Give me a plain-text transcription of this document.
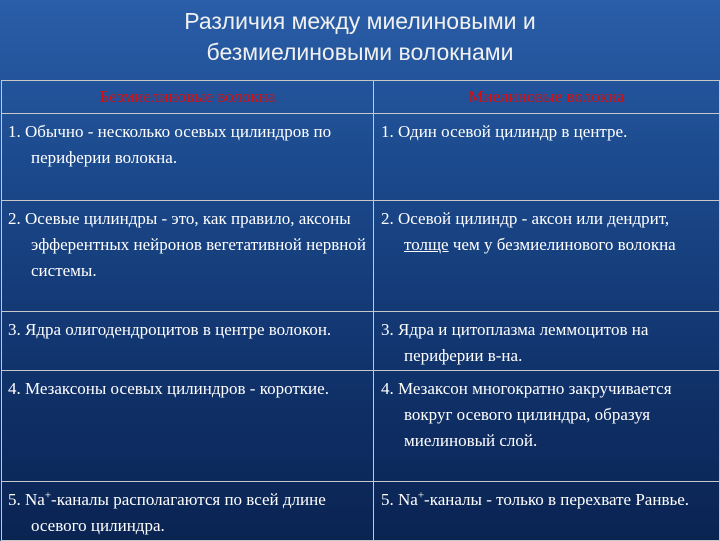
Различия между миелиновыми и
безмиелиновыми волокнами
Безмиелиновые волокна	Миелиновые волокна

1. Обычно - несколько осевых цилиндров по периферии волокна.	1. Один осевой цилиндр в центре.

2. Осевые цилиндры - это, как правило, аксоны эфферентных нейронов вегетативной нервной системы.	2. Осевой цилиндр - аксон или дендрит, толще чем у безмиелинового волокна

3. Ядра олигодендроцитов в центре волокон.	3. Ядра и цитоплазма леммоцитов на периферии в-на.

4. Мезаксоны осевых цилиндров - короткие.	4. Мезаксон многократно закручивается вокруг осевого цилиндра, образуя миелиновый слой.

5. Na+-каналы располагаются по всей длине осевого цилиндра.	5. Na+-каналы - только в перехвате Ранвье.
